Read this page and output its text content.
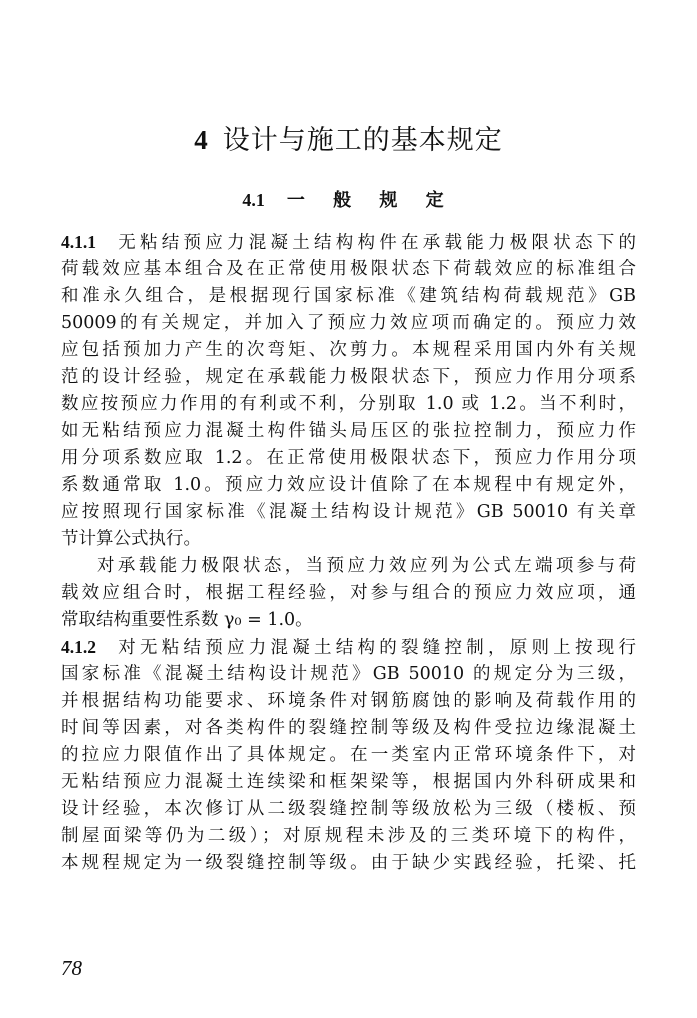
4 设计与施工的基本规定
4.1 一 般 规 定
4.1.1 无粘结预应力混凝土结构构件在承载能力极限状态下的
荷载效应基本组合及在正常使用极限状态下荷载效应的标准组合
和准永久组合，是根据现行国家标准《建筑结构荷载规范》GB
50009的有关规定，并加入了预应力效应项而确定的。预应力效
应包括预加力产生的次弯矩、次剪力。本规程采用国内外有关规
范的设计经验，规定在承载能力极限状态下，预应力作用分项系
数应按预应力作用的有利或不利，分别取 1.0 或 1.2。当不利时，
如无粘结预应力混凝土构件锚头局压区的张拉控制力，预应力作
用分项系数应取 1.2。在正常使用极限状态下，预应力作用分项
系数通常取 1.0。预应力效应设计值除了在本规程中有规定外，
应按照现行国家标准《混凝土结构设计规范》GB 50010 有关章
节计算公式执行。
对承载能力极限状态，当预应力效应列为公式左端项参与荷
载效应组合时，根据工程经验，对参与组合的预应力效应项，通
常取结构重要性系数 γ₀ = 1.0。
4.1.2 对无粘结预应力混凝土结构的裂缝控制，原则上按现行
国家标准《混凝土结构设计规范》GB 50010 的规定分为三级，
并根据结构功能要求、环境条件对钢筋腐蚀的影响及荷载作用的
时间等因素，对各类构件的裂缝控制等级及构件受拉边缘混凝土
的拉应力限值作出了具体规定。在一类室内正常环境条件下，对
无粘结预应力混凝土连续梁和框架梁等，根据国内外科研成果和
设计经验，本次修订从二级裂缝控制等级放松为三级（楼板、预
制屋面梁等仍为二级）；对原规程未涉及的三类环境下的构件，
本规程规定为一级裂缝控制等级。由于缺少实践经验，托梁、托
78
